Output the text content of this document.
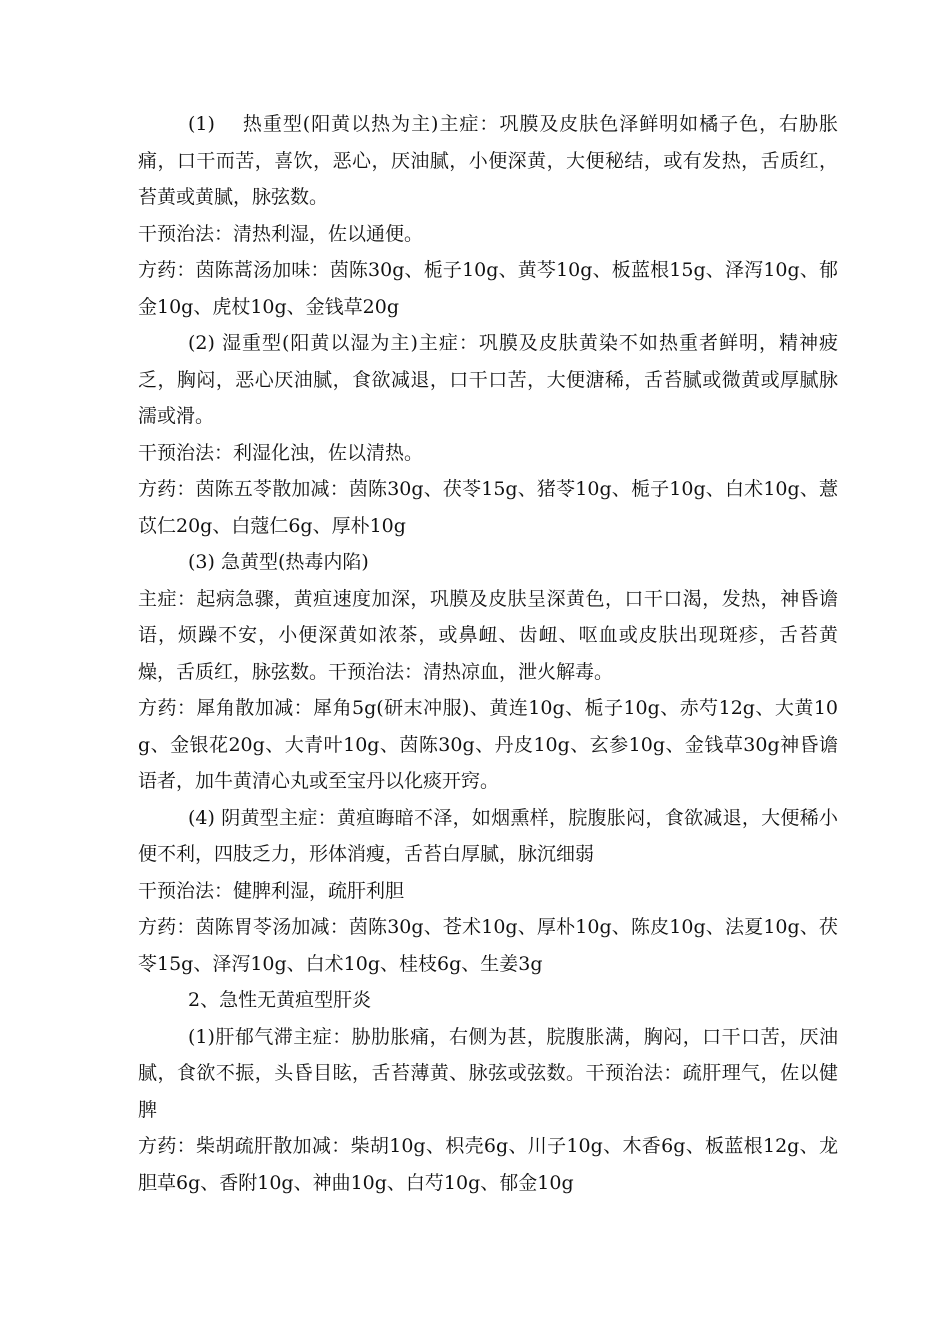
(1)　 热重型(阳黄以热为主)主症：巩膜及皮肤色泽鲜明如橘子色，右胁胀痛，口干而苦，喜饮，恶心，厌油腻，小便深黄，大便秘结，或有发热，舌质红，苔黄或黄腻，脉弦数。

干预治法：清热利湿，佐以通便。

方药：茵陈蒿汤加味：茵陈30g、栀子10g、黄芩10g、板蓝根15g、泽泻10g、郁金10g、虎杖10g、金钱草20g

(2) 湿重型(阳黄以湿为主)主症：巩膜及皮肤黄染不如热重者鲜明，精神疲乏，胸闷，恶心厌油腻，食欲减退，口干口苦，大便溏稀，舌苔腻或微黄或厚腻脉濡或滑。

干预治法：利湿化浊，佐以清热。

方药：茵陈五苓散加减：茵陈30g、茯苓15g、猪苓10g、栀子10g、白术10g、薏苡仁20g、白蔻仁6g、厚朴10g

(3) 急黄型(热毒内陷)

主症：起病急骤，黄疸速度加深，巩膜及皮肤呈深黄色，口干口渴，发热，神昏谵语，烦躁不安，小便深黄如浓茶，或鼻衄、齿衄、呕血或皮肤出现斑疹，舌苔黄燥，舌质红，脉弦数。干预治法：清热凉血，泄火解毒。

方药：犀角散加减：犀角5g(研末冲服)、黄连10g、栀子10g、赤芍12g、大黄10g、金银花20g、大青叶10g、茵陈30g、丹皮10g、玄参10g、金钱草30g神昏谵语者，加牛黄清心丸或至宝丹以化痰开窍。

(4) 阴黄型主症：黄疸晦暗不泽，如烟熏样，脘腹胀闷，食欲减退，大便稀小便不利，四肢乏力，形体消瘦，舌苔白厚腻，脉沉细弱

干预治法：健脾利湿，疏肝利胆

方药：茵陈胃苓汤加减：茵陈30g、苍术10g、厚朴10g、陈皮10g、法夏10g、茯苓15g、泽泻10g、白术10g、桂枝6g、生姜3g

2、急性无黄疸型肝炎

(1)肝郁气滞主症：胁肋胀痛，右侧为甚，脘腹胀满，胸闷，口干口苦，厌油腻，食欲不振，头昏目眩，舌苔薄黄、脉弦或弦数。干预治法：疏肝理气，佐以健脾

方药：柴胡疏肝散加减：柴胡10g、枳壳6g、川子10g、木香6g、板蓝根12g、龙胆草6g、香附10g、神曲10g、白芍10g、郁金10g
